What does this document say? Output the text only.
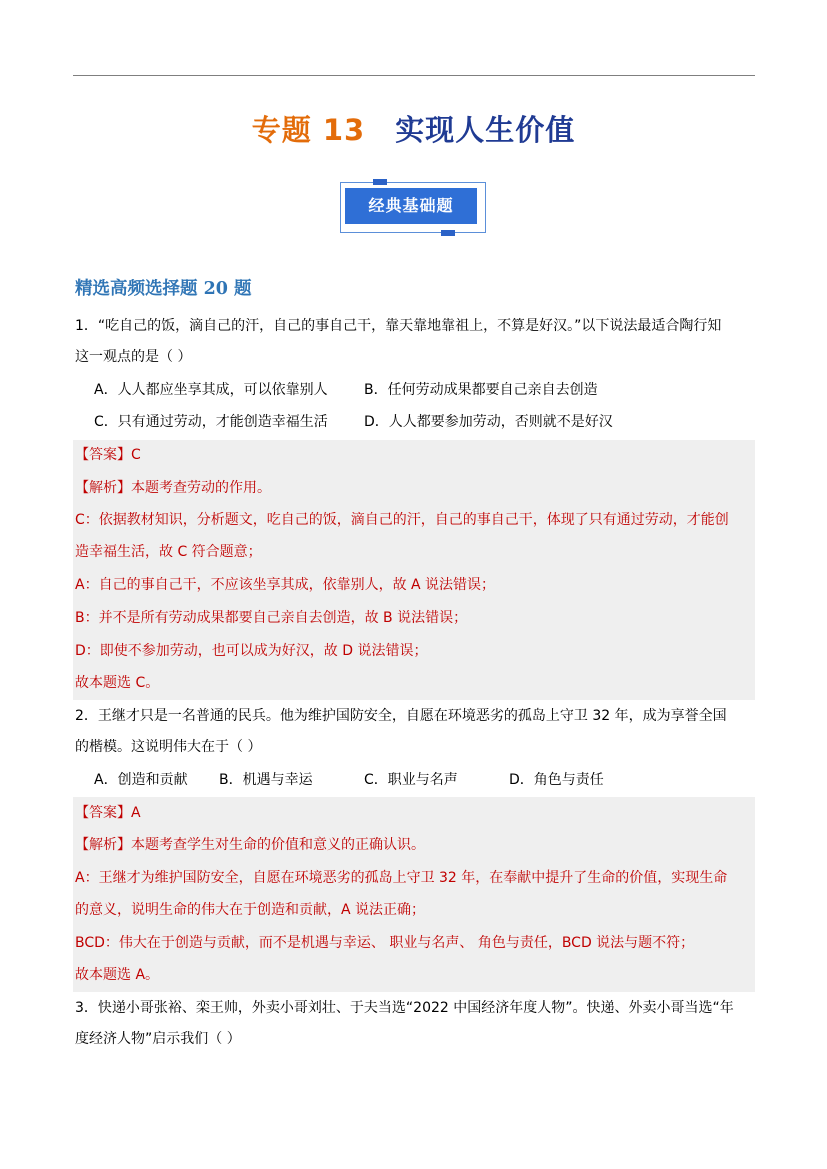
专题 13 实现人生价值
经典基础题
精选高频选择题 20 题
1．“吃自己的饭，滴自己的汗，自己的事自己干，靠天靠地靠祖上，不算是好汉。”以下说法最适合陶行知
这一观点的是（ ）
A．人人都应坐享其成，可以依靠别人	B．任何劳动成果都要自己亲自去创造
C．只有通过劳动，才能创造幸福生活	D．人人都要参加劳动，否则就不是好汉
【答案】C
【解析】本题考查劳动的作用。
C：依据教材知识，分析题文，吃自己的饭，滴自己的汗，自己的事自己干，体现了只有通过劳动，才能创
造幸福生活，故 C 符合题意；
A：自己的事自己干，不应该坐享其成，依靠别人，故 A 说法错误；
B：并不是所有劳动成果都要自己亲自去创造，故 B 说法错误；
D：即使不参加劳动，也可以成为好汉，故 D 说法错误；
故本题选 C。
2．王继才只是一名普通的民兵。他为维护国防安全，自愿在环境恶劣的孤岛上守卫 32 年，成为享誉全国
的楷模。这说明伟大在于（ ）
A．创造和贡献 B．机遇与幸运	C．职业与名声	D．角色与责任
【答案】A
【解析】本题考查学生对生命的价值和意义的正确认识。
A：王继才为维护国防安全，自愿在环境恶劣的孤岛上守卫 32 年，在奉献中提升了生命的价值，实现生命
的意义，说明生命的伟大在于创造和贡献，A 说法正确；
BCD：伟大在于创造与贡献，而不是机遇与幸运、 职业与名声、 角色与责任，BCD 说法与题不符；
故本题选 A。
3．快递小哥张裕、栾王帅，外卖小哥刘壮、于夫当选“2022 中国经济年度人物”。快递、外卖小哥当选“年
度经济人物”启示我们（ ）
